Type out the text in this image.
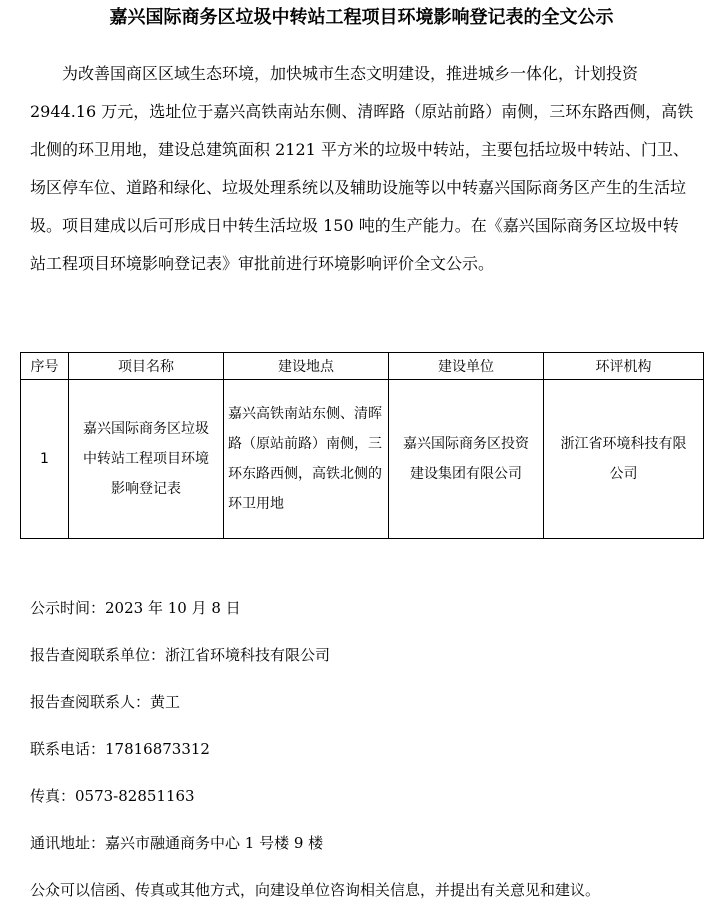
嘉兴国际商务区垃圾中转站工程项目环境影响登记表的全文公示

为改善国商区区域生态环境，加快城市生态文明建设，推进城乡一体化，计划投资 2944.16 万元，选址位于嘉兴高铁南站东侧、清晖路（原站前路）南侧，三环东路西侧，高铁北侧的环卫用地，建设总建筑面积 2121 平方米的垃圾中转站，主要包括垃圾中转站、门卫、场区停车位、道路和绿化、垃圾处理系统以及辅助设施等以中转嘉兴国际商务区产生的生活垃圾。项目建成以后可形成日中转生活垃圾 150 吨的生产能力。在《嘉兴国际商务区垃圾中转站工程项目环境影响登记表》审批前进行环境影响评价全文公示。

序号	项目名称	建设地点	建设单位	环评机构
1	嘉兴国际商务区垃圾中转站工程项目环境影响登记表	嘉兴高铁南站东侧、清晖路（原站前路）南侧，三环东路西侧，高铁北侧的环卫用地	嘉兴国际商务区投资建设集团有限公司	浙江省环境科技有限公司
公示时间：2023 年 10 月 8 日
报告查阅联系单位：浙江省环境科技有限公司
报告查阅联系人：黄工
联系电话：17816873312
传真：0573-82851163
通讯地址：嘉兴市融通商务中心 1 号楼 9 楼
公众可以信函、传真或其他方式，向建设单位咨询相关信息，并提出有关意见和建议。
